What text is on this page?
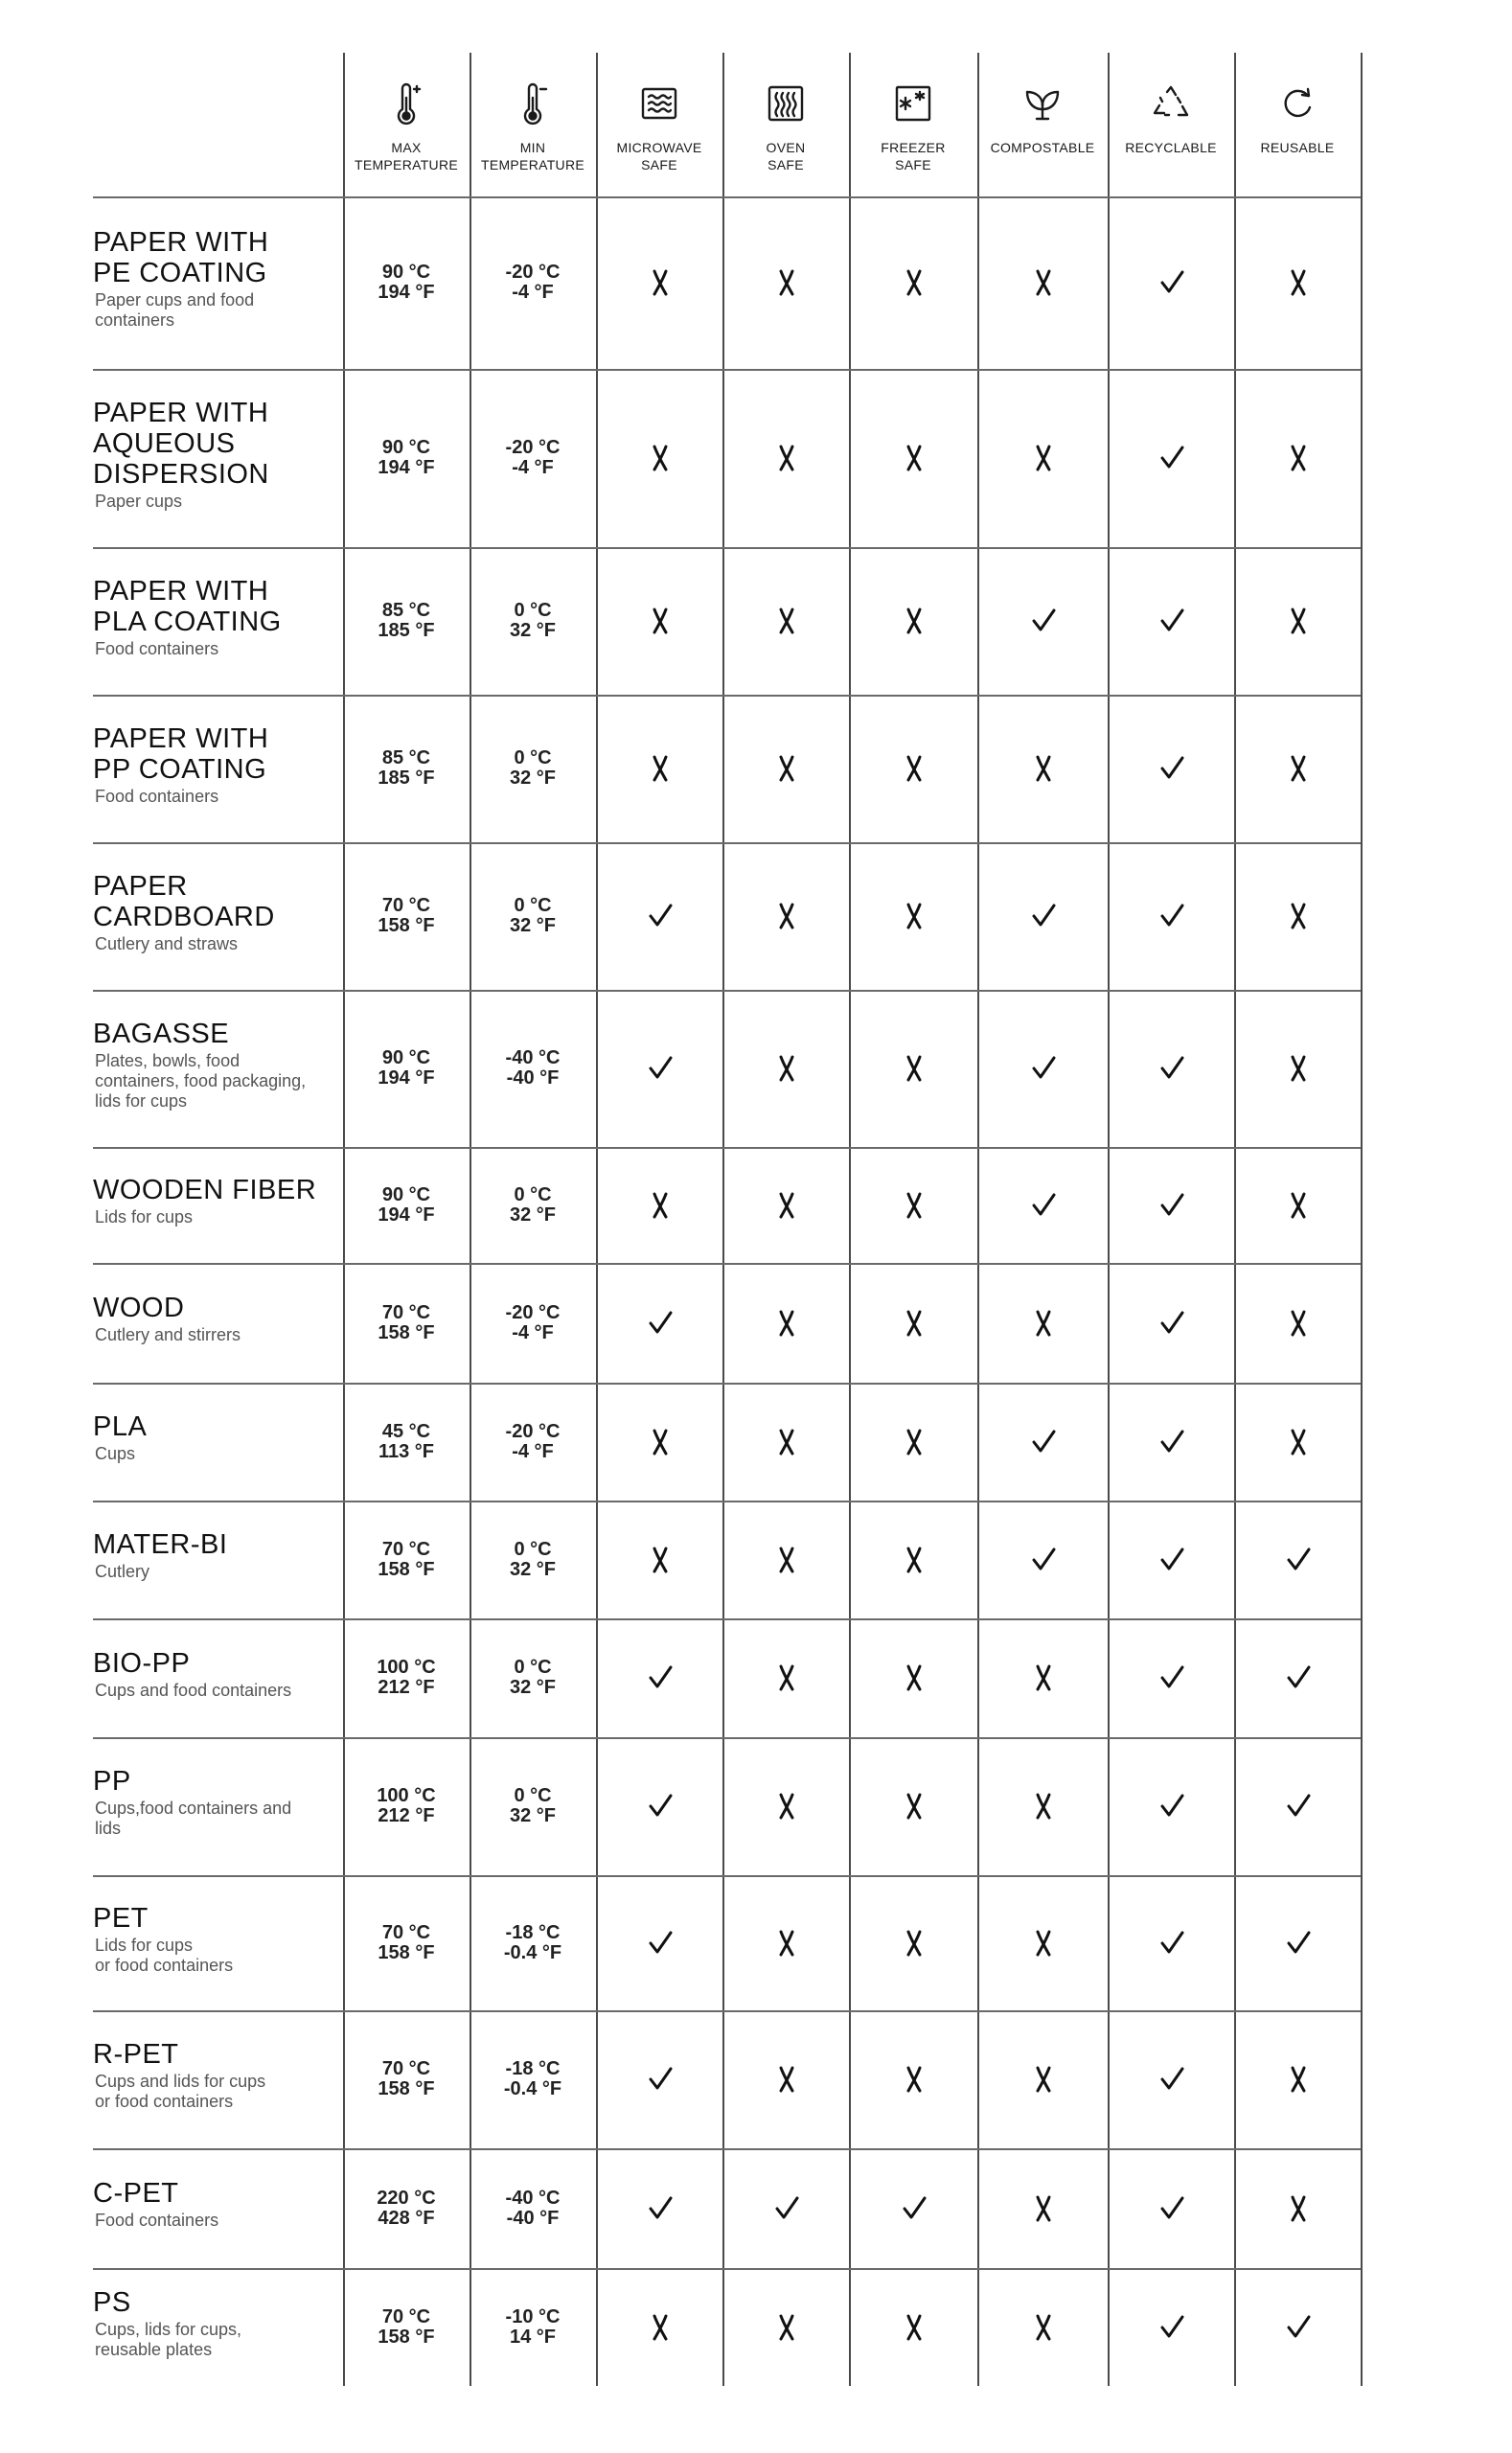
MAX
TEMPERATURE
MIN
TEMPERATURE
MICROWAVE
SAFE
OVEN
SAFE
FREEZER
SAFE
COMPOSTABLE	RECYCLABLE	REUSABLE
PAPER WITH
PE COATING
Paper cups and food
containers
90 °C
194 °F
-20 °C
-4 °F
PAPER WITH
AQUEOUS
DISPERSION
Paper cups
90 °C
194 °F
-20 °C
-4 °F
PAPER WITH
PLA COATING
Food containers
85 °C
185 °F
0 °C
32 °F
PAPER WITH
PP COATING
Food containers
85 °C
185 °F
0 °C
32 °F
PAPER
CARDBOARD
Cutlery and straws
70 °C
158 °F
0 °C
32 °F
BAGASSE
Plates, bowls, food
containers, food packaging,
lids for cups
90 °C
194 °F
-40 °C
-40 °F
WOODEN FIBER
Lids for cups
90 °C
194 °F
0 °C
32 °F
WOOD
Cutlery and stirrers
70 °C
158 °F
-20 °C
-4 °F
PLA
Cups
45 °C
113 °F
-20 °C
-4 °F
MATER-BI
Cutlery
70 °C
158 °F
0 °C
32 °F
BIO-PP
Cups and food containers
100 °C
212 °F
0 °C
32 °F
PP
Cups,food containers and
lids
100 °C
212 °F
0 °C
32 °F
PET
Lids for cups
or food containers
70 °C
158 °F
-18 °C
-0.4 °F
R-PET
Cups and lids for cups
or food containers
70 °C
158 °F
-18 °C
-0.4 °F
C-PET
Food containers
220 °C
428 °F
-40 °C
-40 °F
PS
Cups, lids for cups,
reusable plates
70 °C
158 °F
-10 °C
14 °F
